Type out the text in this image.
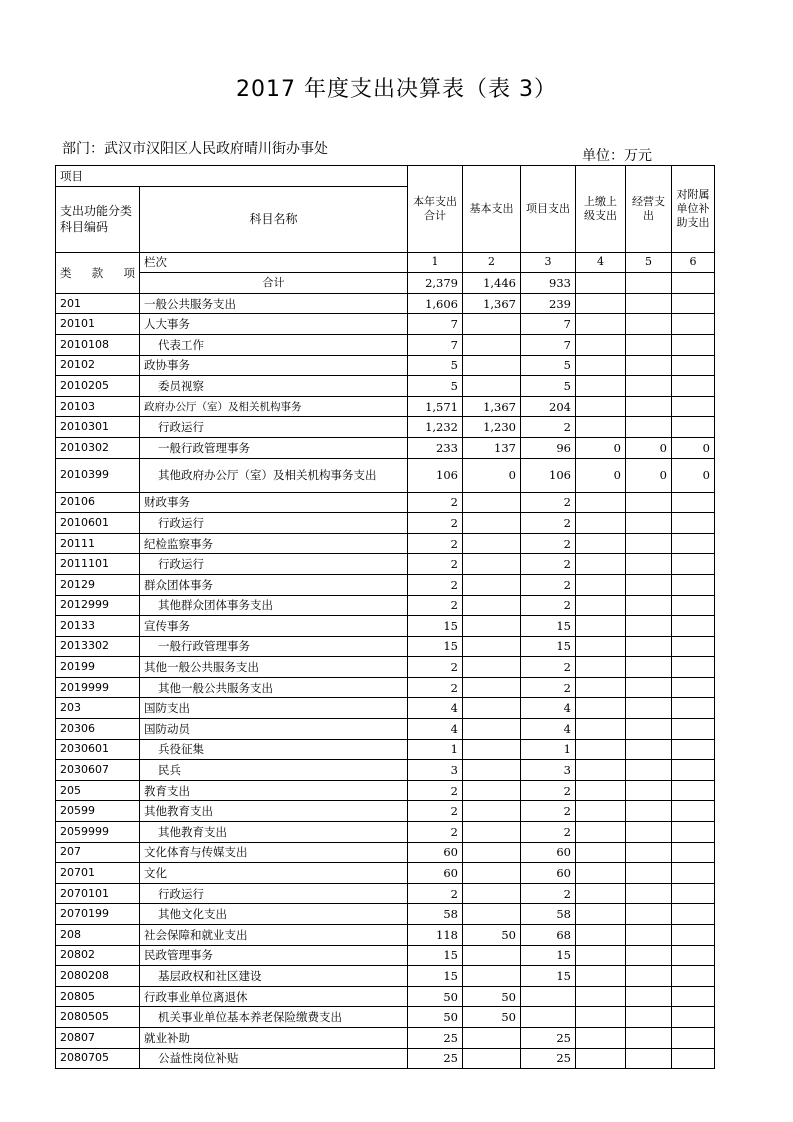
2017 年度支出决算表（表 3）
部门：武汉市汉阳区人民政府晴川街办事处	单位：万元
项目		本年支出合计	基本支出	项目支出	上缴上级支出	经营支出	对附属单位补助支出
支出功能分类科目编码	科目名称						

类 款 项	栏次	1	2	3	4	5	6
	合计	2,379	1,446	933			
201	一般公共服务支出	1,606	1,367	239			
20101	人大事务	7		7			
2010108	代表工作	7		7			
20102	政协事务	5		5			
2010205	委员视察	5		5			
20103	政府办公厅（室）及相关机构事务	1,571	1,367	204			
2010301	行政运行	1,232	1,230	2			
2010302	一般行政管理事务	233	137	96	0	0	0
2010399	其他政府办公厅（室）及相关机构事务支出	106	0	106	0	0	0
20106	财政事务	2		2			
2010601	行政运行	2		2			
20111	纪检监察事务	2		2			
2011101	行政运行	2		2			
20129	群众团体事务	2		2			
2012999	其他群众团体事务支出	2		2			
20133	宣传事务	15		15			
2013302	一般行政管理事务	15		15			
20199	其他一般公共服务支出	2		2			
2019999	其他一般公共服务支出	2		2			
203	国防支出	4		4			
20306	国防动员	4		4			
2030601	兵役征集	1		1			
2030607	民兵	3		3			
205	教育支出	2		2			
20599	其他教育支出	2		2			
2059999	其他教育支出	2		2			
207	文化体育与传媒支出	60		60			
20701	文化	60		60			
2070101	行政运行	2		2			
2070199	其他文化支出	58		58			
208	社会保障和就业支出	118	50	68			
20802	民政管理事务	15		15			
2080208	基层政权和社区建设	15		15			
20805	行政事业单位离退休	50	50				
2080505	机关事业单位基本养老保险缴费支出	50	50				
20807	就业补助	25		25			
2080705	公益性岗位补贴	25		25			
